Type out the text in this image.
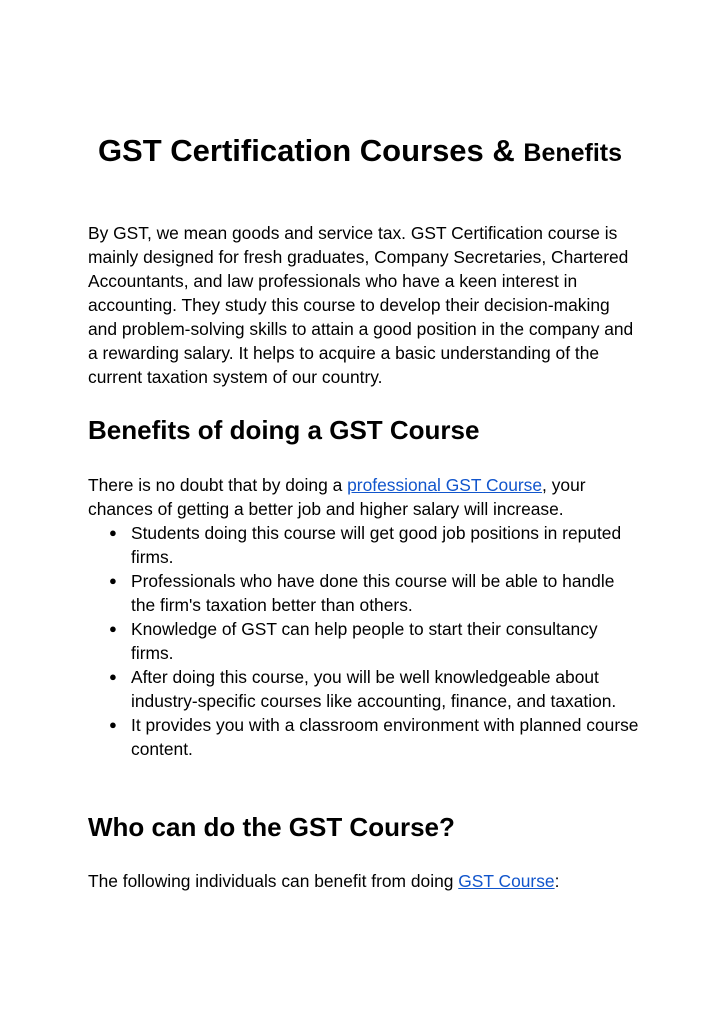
GST Certification Courses & Benefits

By GST, we mean goods and service tax. GST Certification course is mainly designed for fresh graduates, Company Secretaries, Chartered Accountants, and law professionals who have a keen interest in accounting. They study this course to develop their decision-making and problem-solving skills to attain a good position in the company and a rewarding salary. It helps to acquire a basic understanding of the current taxation system of our country.

Benefits of doing a GST Course

There is no doubt that by doing a professional GST Course, your chances of getting a better job and higher salary will increase.

● Students doing this course will get good job positions in reputed firms.
● Professionals who have done this course will be able to handle the firm's taxation better than others.
● Knowledge of GST can help people to start their consultancy firms.
● After doing this course, you will be well knowledgeable about industry-specific courses like accounting, finance, and taxation.
● It provides you with a classroom environment with planned course content.
Who can do the GST Course?

The following individuals can benefit from doing GST Course:
